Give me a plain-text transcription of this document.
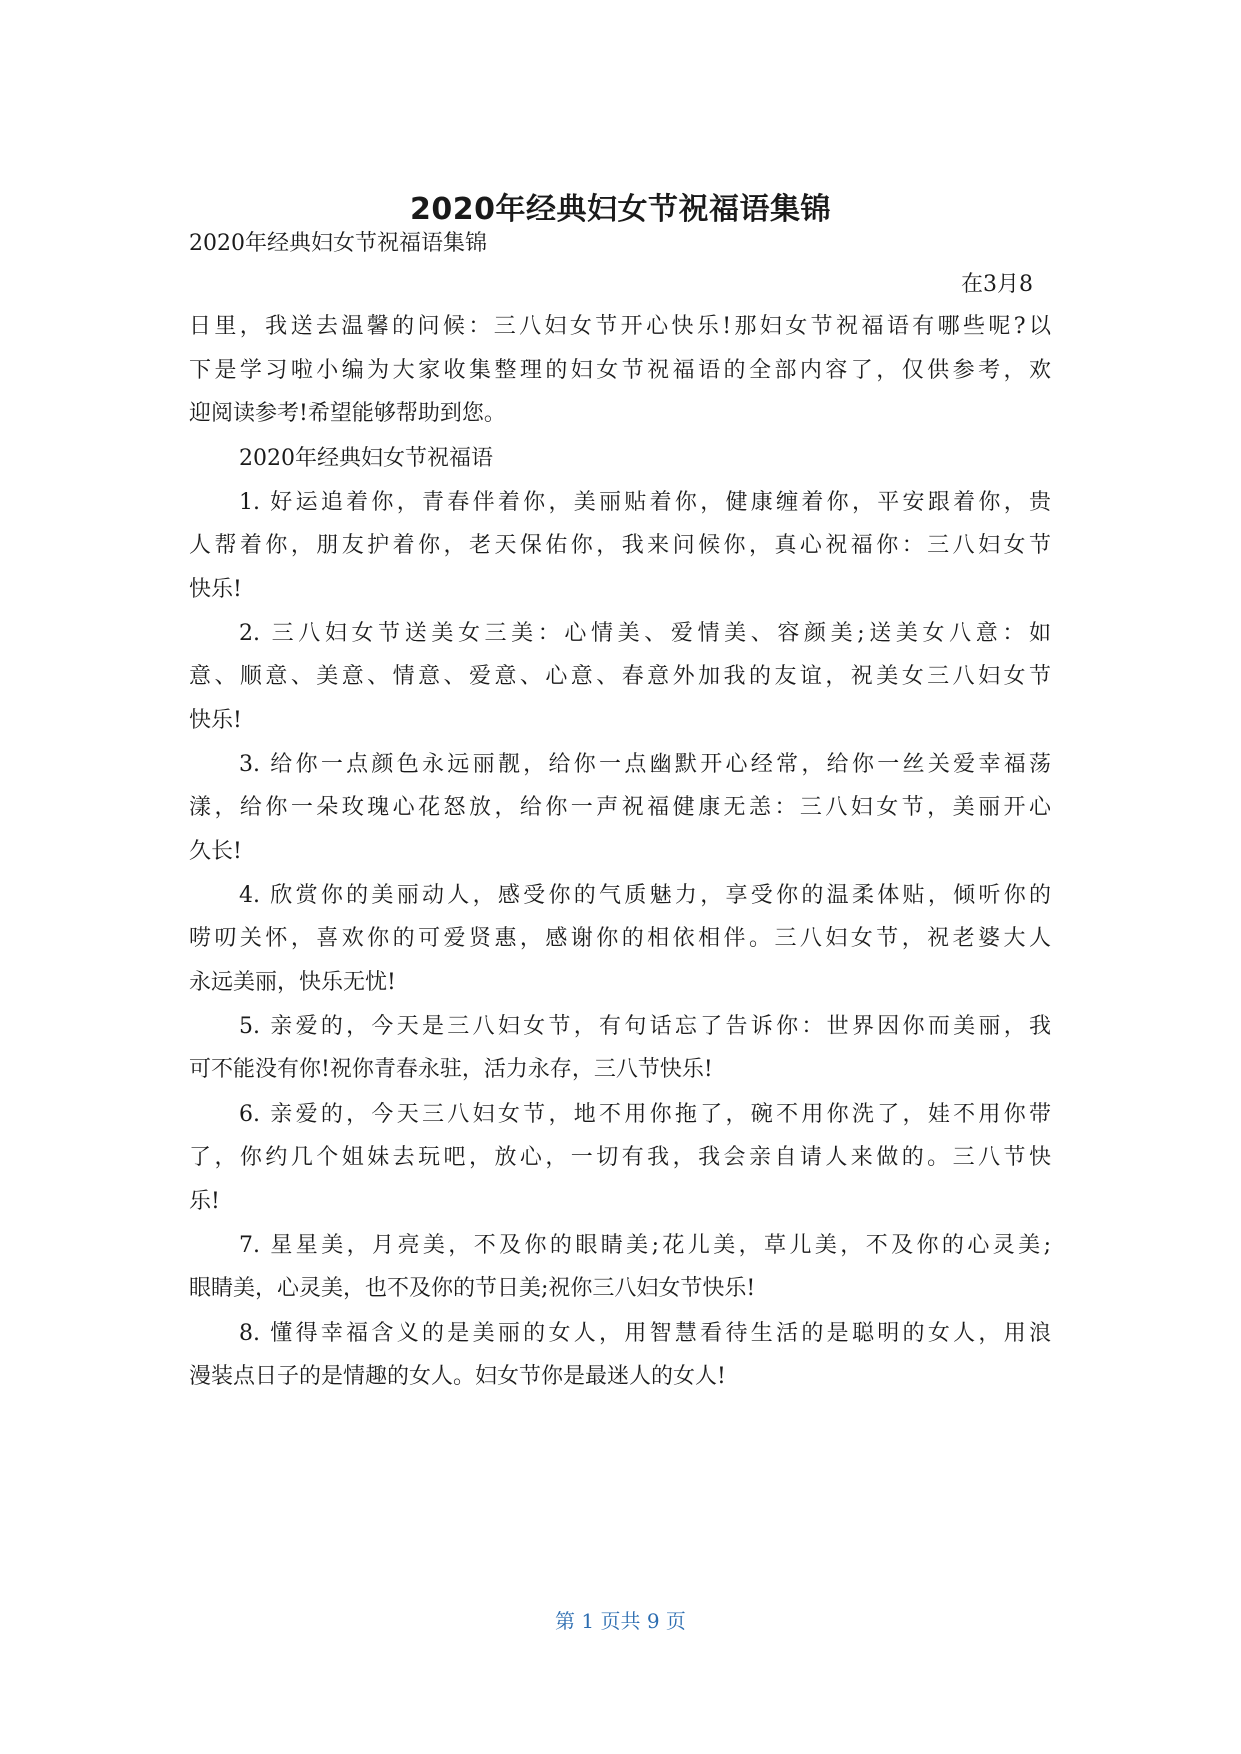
2020年经典妇女节祝福语集锦
2020年经典妇女节祝福语集锦
在3月8
日里，我送去温馨的问候：三八妇女节开心快乐!那妇女节祝福语有哪些呢?以
下是学习啦小编为大家收集整理的妇女节祝福语的全部内容了，仅供参考，欢
迎阅读参考!希望能够帮助到您。
2020年经典妇女节祝福语
1. 好运追着你，青春伴着你，美丽贴着你，健康缠着你，平安跟着你，贵
人帮着你，朋友护着你，老天保佑你，我来问候你，真心祝福你：三八妇女节
快乐!
2. 三八妇女节送美女三美：心情美、爱情美、容颜美;送美女八意：如
意、顺意、美意、情意、爱意、心意、春意外加我的友谊，祝美女三八妇女节
快乐!
3. 给你一点颜色永远丽靓，给你一点幽默开心经常，给你一丝关爱幸福荡
漾，给你一朵玫瑰心花怒放，给你一声祝福健康无恙：三八妇女节，美丽开心
久长!
4. 欣赏你的美丽动人，感受你的气质魅力，享受你的温柔体贴，倾听你的
唠叨关怀，喜欢你的可爱贤惠，感谢你的相依相伴。三八妇女节，祝老婆大人
永远美丽，快乐无忧!
5. 亲爱的，今天是三八妇女节，有句话忘了告诉你：世界因你而美丽，我
可不能没有你!祝你青春永驻，活力永存，三八节快乐!
6. 亲爱的，今天三八妇女节，地不用你拖了，碗不用你洗了，娃不用你带
了，你约几个姐妹去玩吧，放心，一切有我，我会亲自请人来做的。三八节快
乐!
7. 星星美，月亮美，不及你的眼睛美;花儿美，草儿美，不及你的心灵美;
眼睛美，心灵美，也不及你的节日美;祝你三八妇女节快乐!
8. 懂得幸福含义的是美丽的女人，用智慧看待生活的是聪明的女人，用浪
漫装点日子的是情趣的女人。妇女节你是最迷人的女人!
第 1 页共 9 页
